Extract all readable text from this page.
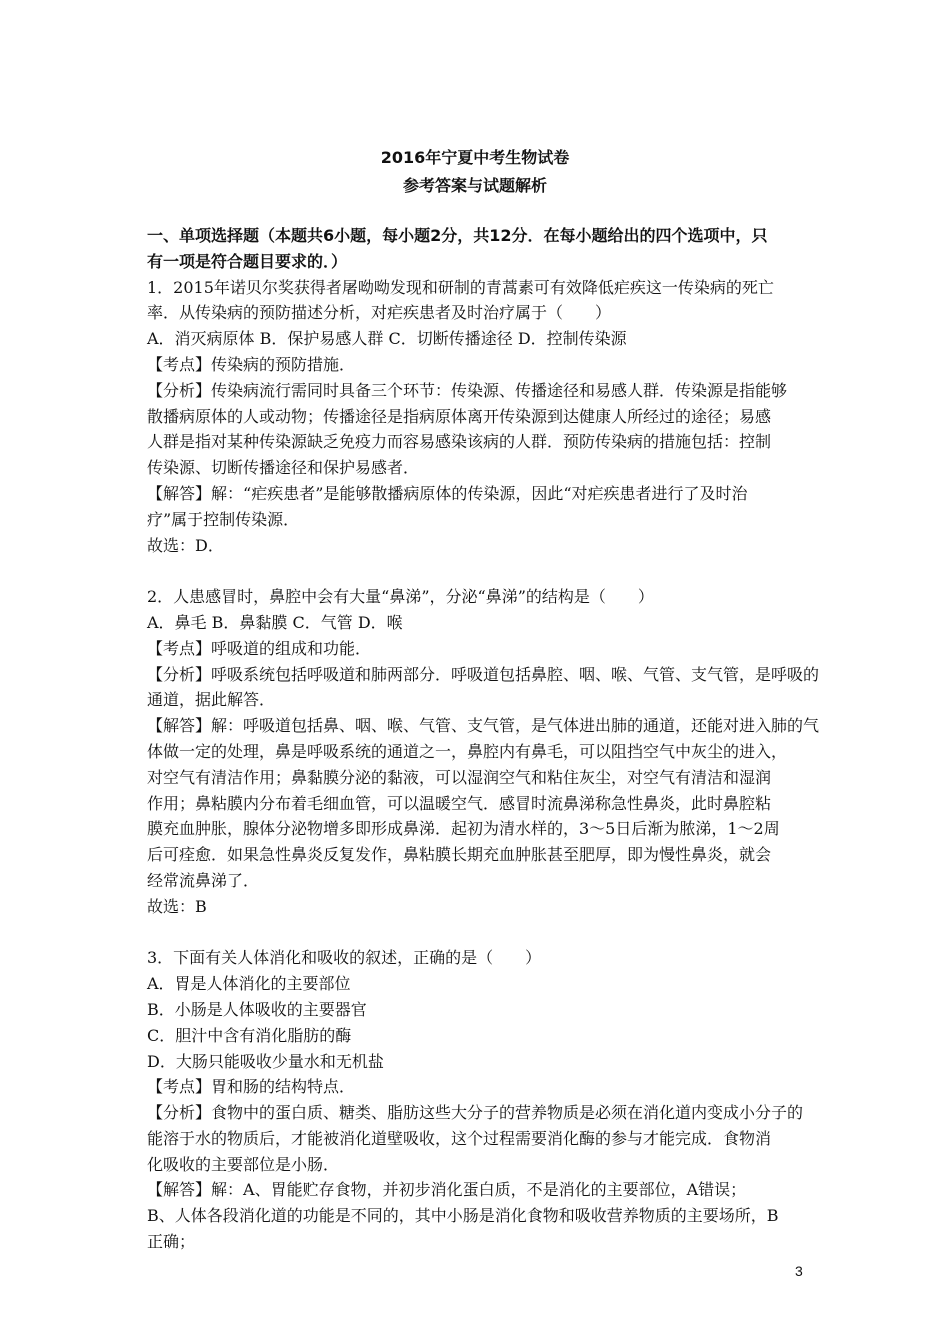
2016年宁夏中考生物试卷
参考答案与试题解析
一、单项选择题（本题共6小题，每小题2分，共12分．在每小题给出的四个选项中，只
有一项是符合题目要求的．）
1．2015年诺贝尔奖获得者屠呦呦发现和研制的青蒿素可有效降低疟疾这一传染病的死亡
率．从传染病的预防描述分析，对疟疾患者及时治疗属于（　　）
A．消灭病原体 B．保护易感人群 C．切断传播途径 D．控制传染源
【考点】传染病的预防措施．
【分析】传染病流行需同时具备三个环节：传染源、传播途径和易感人群．传染源是指能够
散播病原体的人或动物；传播途径是指病原体离开传染源到达健康人所经过的途径；易感
人群是指对某种传染源缺乏免疫力而容易感染该病的人群．预防传染病的措施包括：控制
传染源、切断传播途径和保护易感者．
【解答】解：“疟疾患者”是能够散播病原体的传染源，因此“对疟疾患者进行了及时治
疗”属于控制传染源．
故选：D．
2．人患感冒时，鼻腔中会有大量“鼻涕”，分泌“鼻涕”的结构是（　　）
A．鼻毛 B．鼻黏膜 C．气管 D．喉
【考点】呼吸道的组成和功能．
【分析】呼吸系统包括呼吸道和肺两部分．呼吸道包括鼻腔、咽、喉、气管、支气管，是呼吸的
通道，据此解答．
【解答】解：呼吸道包括鼻、咽、喉、气管、支气管，是气体进出肺的通道，还能对进入肺的气
体做一定的处理，鼻是呼吸系统的通道之一，鼻腔内有鼻毛，可以阻挡空气中灰尘的进入，
对空气有清洁作用；鼻黏膜分泌的黏液，可以湿润空气和粘住灰尘，对空气有清洁和湿润
作用；鼻粘膜内分布着毛细血管，可以温暖空气．感冒时流鼻涕称急性鼻炎，此时鼻腔粘
膜充血肿胀，腺体分泌物增多即形成鼻涕．起初为清水样的，3～5日后渐为脓涕，1～2周
后可痊愈．如果急性鼻炎反复发作，鼻粘膜长期充血肿胀甚至肥厚，即为慢性鼻炎，就会
经常流鼻涕了．
故选：B
3．下面有关人体消化和吸收的叙述，正确的是（　　）
A．胃是人体消化的主要部位
B．小肠是人体吸收的主要器官
C．胆汁中含有消化脂肪的酶
D．大肠只能吸收少量水和无机盐
【考点】胃和肠的结构特点．
【分析】食物中的蛋白质、糖类、脂肪这些大分子的营养物质是必须在消化道内变成小分子的
能溶于水的物质后，才能被消化道壁吸收，这个过程需要消化酶的参与才能完成．食物消
化吸收的主要部位是小肠．
【解答】解：A、胃能贮存食物，并初步消化蛋白质，不是消化的主要部位，A错误；
B、人体各段消化道的功能是不同的，其中小肠是消化食物和吸收营养物质的主要场所，B
正确；
3
